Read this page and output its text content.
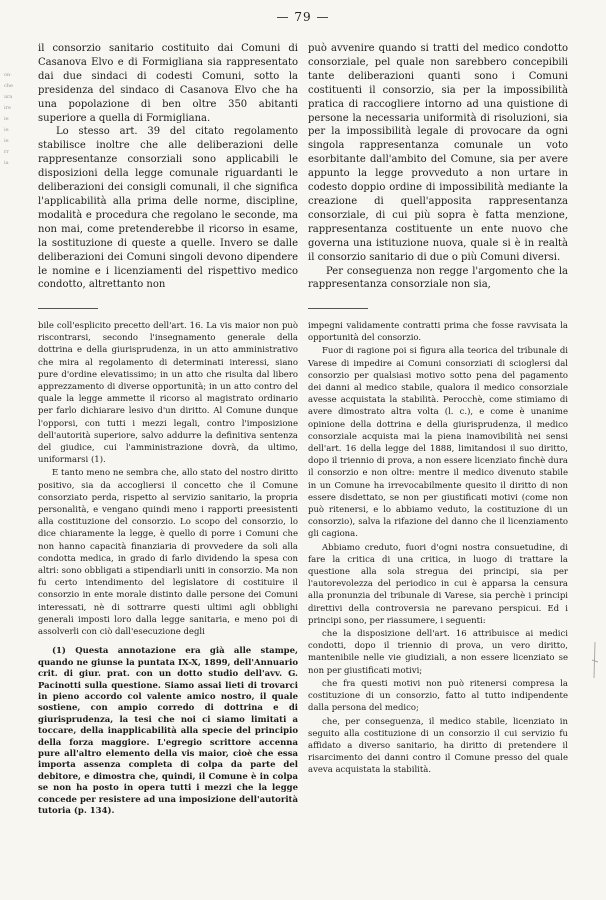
— 79 —
on·
che
ara
ire
ie
ie
ie
rr
ia

il consorzio sanitario costituito dai Comuni di Casanova Elvo e di Formigliana sia rappresentato dai due sindaci di codesti Comuni, sotto la presidenza del sindaco di Casanova Elvo che ha una popolazione di ben oltre 350 abitanti superiore a quella di Formigliana.

Lo stesso art. 39 del citato regolamento stabilisce inoltre che alle deliberazioni delle rappresentanze consorziali sono applicabili le disposizioni della legge comunale riguardanti le deliberazioni dei consigli comunali, il che significa l'applicabilità alla prima delle norme, discipline, modalità e procedura che regolano le seconde, ma non mai, come pretenderebbe il ricorso in esame, la sostituzione di queste a quelle. Invero se dalle deliberazioni dei Comuni singoli devono dipendere le nomine e i licenziamenti del rispettivo medico condotto, altrettanto non

può avvenire quando si tratti del medico condotto consorziale, pel quale non sarebbero concepibili tante deliberazioni quanti sono i Comuni costituenti il consorzio, sia per la impossibilità pratica di raccogliere intorno ad una quistione di persone la necessaria uniformità di risoluzioni, sia per la impossibilità legale di provocare da ogni singola rappresentanza comunale un voto esorbitante dall'ambito del Comune, sia per avere appunto la legge provveduto a non urtare in codesto doppio ordine di impossibilità mediante la creazione di quell'apposita rappresentanza consorziale, di cui più sopra è fatta menzione, rappresentanza costituente un ente nuovo che governa una istituzione nuova, quale si è in realtà il consorzio sanitario di due o più Comuni diversi.

Per conseguenza non regge l'argomento che la rappresentanza consorziale non sia,

bile coll'esplicito precetto dell'art. 16. La vis maior non può riscontrarsi, secondo l'insegnamento generale della dottrina e della giurisprudenza, in un atto amministrativo che mira al regolamento di determinati interessi, siano pure d'ordine elevatissimo; in un atto che risulta dal libero apprezzamento di diverse opportunità; in un atto contro del quale la legge ammette il ricorso al magistrato ordinario per farlo dichiarare lesivo d'un diritto. Al Comune dunque l'opporsi, con tutti i mezzi legali, contro l'imposizione dell'autorità superiore, salvo addurre la definitiva sentenza del giudice, cui l'amministrazione dovrà, da ultimo, uniformarsi (1).

E tanto meno ne sembra che, allo stato del nostro diritto positivo, sia da accogliersi il concetto che il Comune consorziato perda, rispetto al servizio sanitario, la propria personalità, e vengano quindi meno i rapporti preesistenti alla costituzione del consorzio. Lo scopo del consorzio, lo dice chiaramente la legge, è quello di porre i Comuni che non hanno capacità finanziaria di provvedere da soli alla condotta medica, in grado di farlo dividendo la spesa con altri: sono obbligati a stipendiarli uniti in consorzio. Ma non fu certo intendimento del legislatore di costituire il consorzio in ente morale distinto dalle persone dei Comuni interessati, nè di sottrarre questi ultimi agli obblighi generali imposti loro dalla legge sanitaria, e meno poi di assolverli con ciò dall'esecuzione degli

(1) Questa annotazione era già alle stampe, quando ne giunse la puntata IX-X, 1899, dell'Annuario crit. di giur. prat. con un dotto studio dell'avv. G. Pacinotti sulla questione. Siamo assai lieti di trovarci in pieno accordo col valente amico nostro, il quale sostiene, con ampio corredo di dottrina e di giurisprudenza, la tesi che noi ci siamo limitati a toccare, della inapplicabilità alla specie del principio della forza maggiore. L'egregio scrittore accenna pure all'altro elemento della vis maior, cioè che essa importa assenza completa di colpa da parte del debitore, e dimostra che, quindi, il Comune è in colpa se non ha posto in opera tutti i mezzi che la legge concede per resistere ad una imposizione dell'autorità tutoria (p. 134).

impegni validamente contratti prima che fosse ravvisata la opportunità del consorzio.

Fuor di ragione poi si figura alla teorica del tribunale di Varese di impedire ai Comuni consorziati di scioglersi dal consorzio per qualsiasi motivo sotto pena del pagamento dei danni al medico stabile, qualora il medico consorziale avesse acquistata la stabilità. Perocchè, come stimiamo di avere dimostrato altra volta (l. c.), e come è unanime opinione della dottrina e della giurisprudenza, il medico consorziale acquista mai la piena inamovibilità nei sensi dell'art. 16 della legge del 1888, limitandosi il suo diritto, dopo il triennio di prova, a non essere licenziato finchè dura il consorzio e non oltre: mentre il medico divenuto stabile in un Comune ha irrevocabilmente quesito il diritto di non essere disdettato, se non per giustificati motivi (come non può ritenersi, e lo abbiamo veduto, la costituzione di un consorzio), salva la rifazione del danno che il licenziamento gli cagiona.

Abbiamo creduto, fuori d'ogni nostra consuetudine, di fare la critica di una critica, in luogo di trattare la questione alla sola stregua dei principi, sia per l'autorevolezza del periodico in cui è apparsa la censura alla pronunzia del tribunale di Varese, sia perchè i principi direttivi della controversia ne parevano perspicui. Ed i principi sono, per riassumere, i seguenti:

che la disposizione dell'art. 16 attribuisce ai medici condotti, dopo il triennio di prova, un vero diritto, mantenibile nelle vie giudiziali, a non essere licenziato se non per giustificati motivi;

che fra questi motivi non può ritenersi compresa la costituzione di un consorzio, fatto al tutto indipendente dalla persona del medico;

che, per conseguenza, il medico stabile, licenziato in seguito alla costituzione di un consorzio il cui servizio fu affidato a diverso sanitario, ha diritto di pretendere il risarcimento dei danni contro il Comune presso del quale aveva acquistata la stabilità.
